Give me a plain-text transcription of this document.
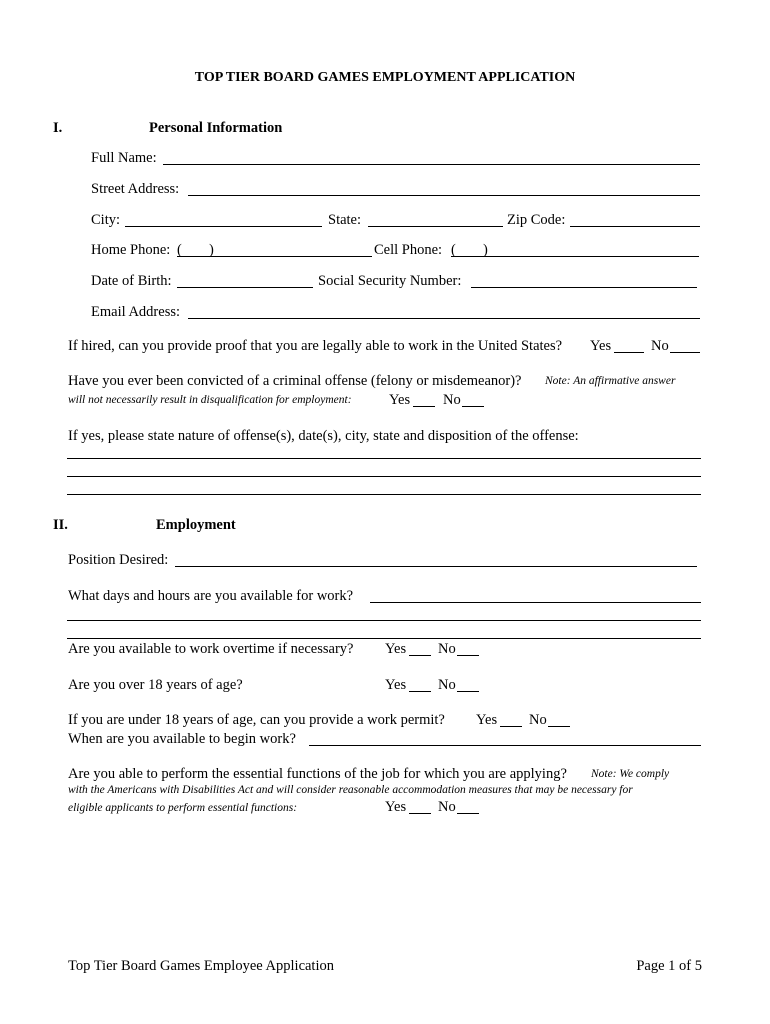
TOP TIER BOARD GAMES EMPLOYMENT APPLICATION
I.	Personal Information
Full Name:
Street Address:
City:	State:	Zip Code:
Home Phone: ( )	Cell Phone: ( )
Date of Birth:	Social Security Number:
Email Address:
If hired, can you provide proof that you are legally able to work in the United States? Yes	No
Have you ever been convicted of a criminal offense (felony or misdemeanor)? Note: An affirmative answer
will not necessarily result in disqualification for employment:	Yes No
If yes, please state nature of offense(s), date(s), city, state and disposition of the offense:
II.	Employment
Position Desired:
What days and hours are you available for work?
Are you available to work overtime if necessary? Yes No
Are you over 18 years of age?	Yes No
If you are under 18 years of age, can you provide a work permit? Yes No
When are you available to begin work?
Are you able to perform the essential functions of the job for which you are applying? Note: We comply
with the Americans with Disabilities Act and will consider reasonable accommodation measures that may be necessary for
eligible applicants to perform essential functions:	Yes No
Top Tier Board Games Employee Application	Page 1 of 5
